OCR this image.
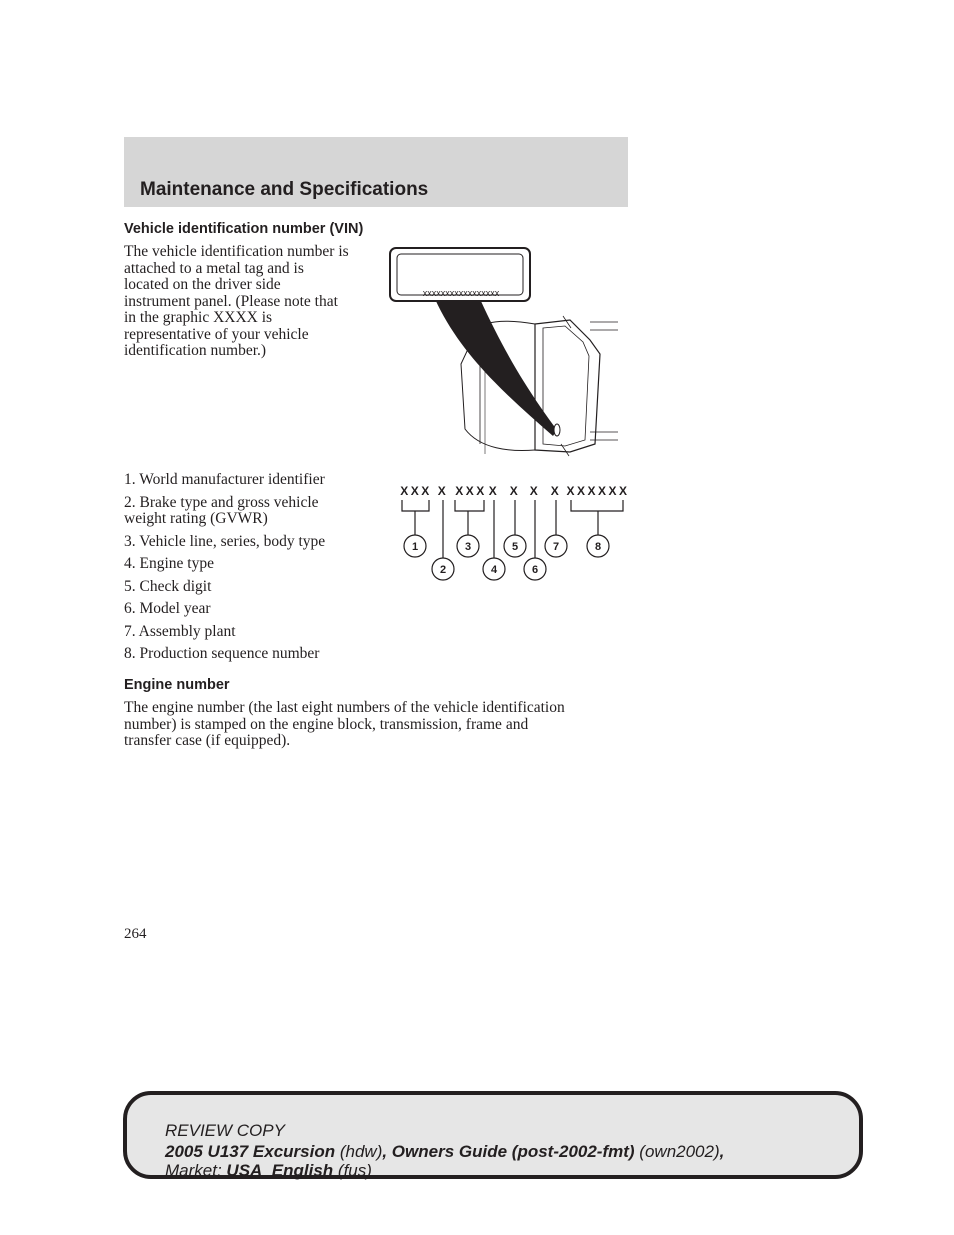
Maintenance and Specifications
Vehicle identification number (VIN)
The vehicle identification number is
attached to a metal tag and is
located on the driver side
instrument panel. (Please note that
in the graphic XXXX is
representative of your vehicle
identification number.)
xxxxxxxxxxxxxxxxx
1. World manufacturer identifier
2. Brake type and gross vehicle weight rating (GVWR)
3. Vehicle line, series, body type
4. Engine type
5. Check digit
6. Model year
7. Assembly plant
8. Production sequence number
XXX X XXX X X X X XXXXXX
1
2
3
4
5
6
7	8
Engine number
The engine number (the last eight numbers of the vehicle identification
number) is stamped on the engine block, transmission, frame and
transfer case (if equipped).

264

REVIEW COPY

2005 U137 Excursion (hdw), Owners Guide (post-2002-fmt) (own2002),

Market: USA_English (fus)
